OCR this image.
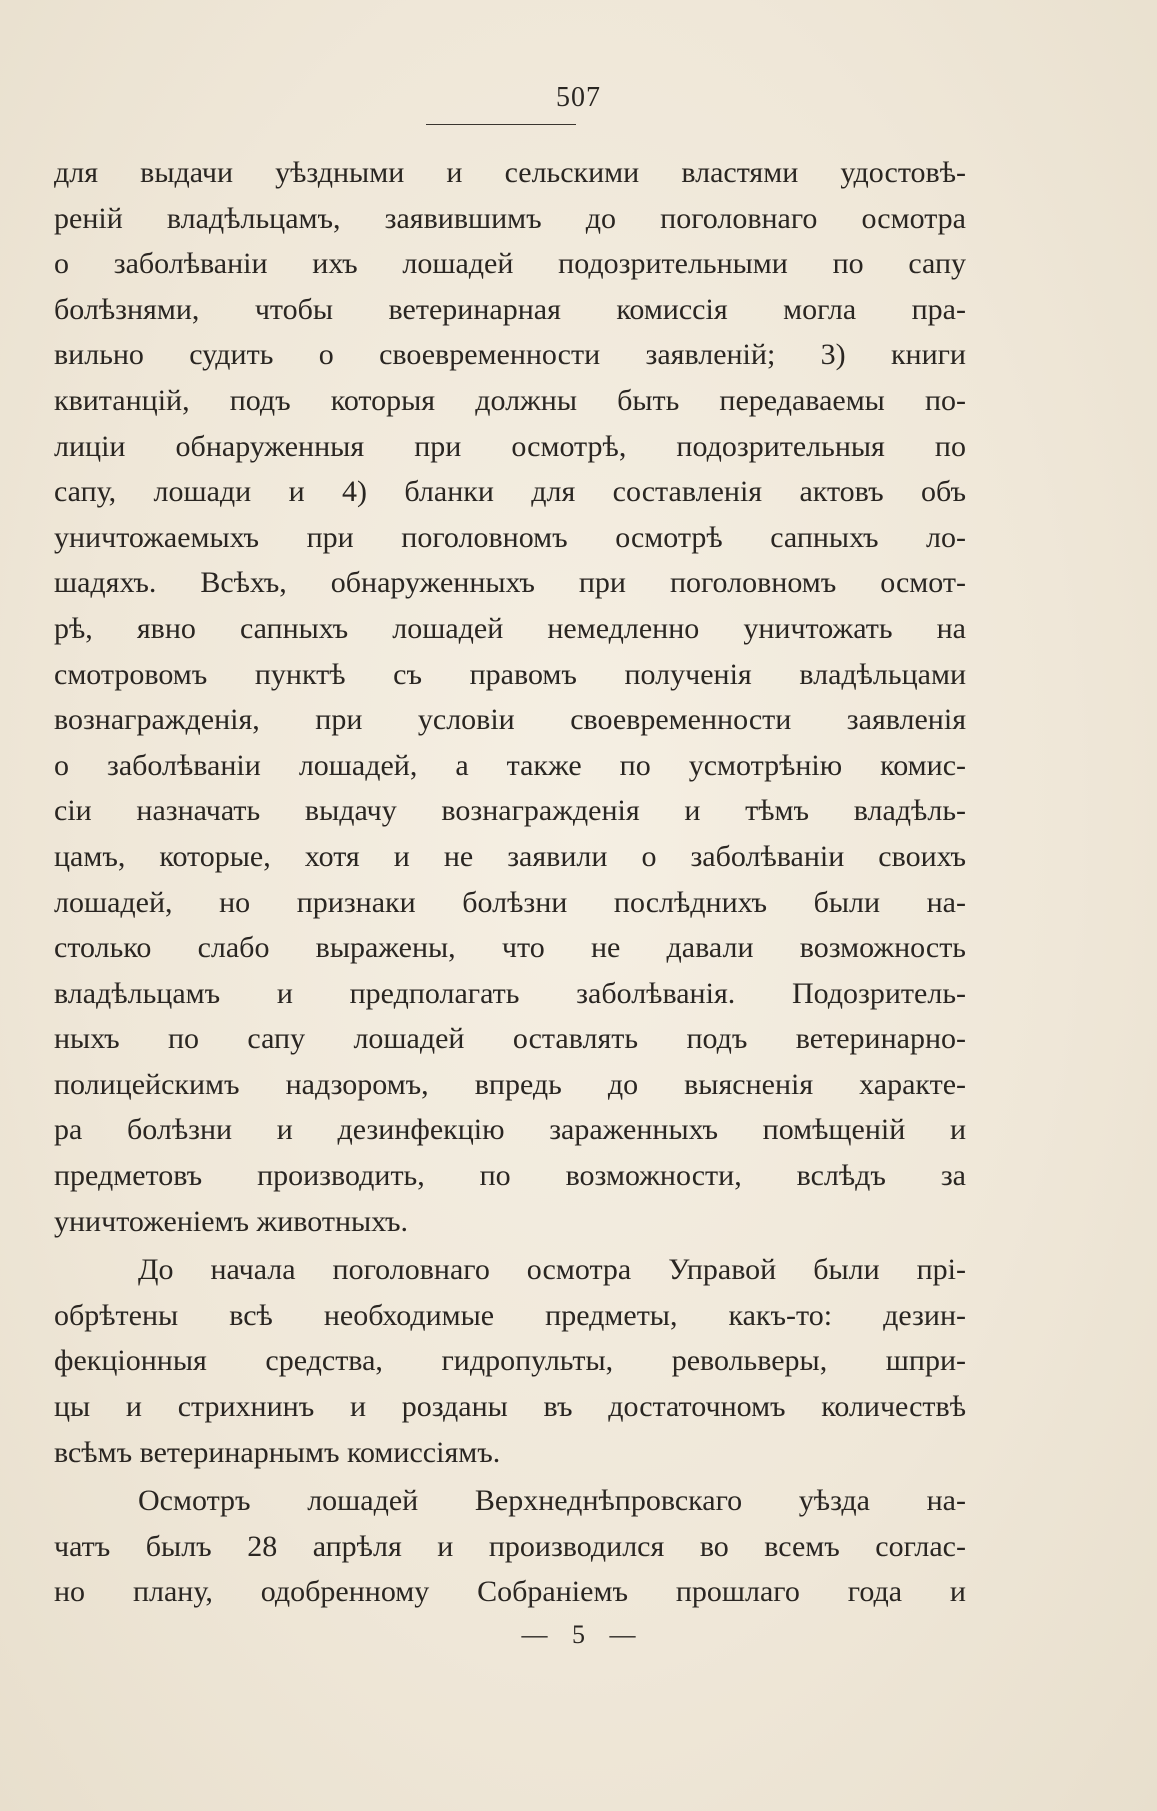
507
для выдачи уѣздными и сельскими властями удостовѣ-
реній владѣльцамъ, заявившимъ до поголовнаго осмотра
о заболѣваніи ихъ лошадей подозрительными по сапу
болѣзнями, чтобы ветеринарная комиссія могла пра-
вильно судить о своевременности заявленій; 3) книги
квитанцій, подъ которыя должны быть передаваемы по-
лиціи обнаруженныя при осмотрѣ, подозрительныя по
сапу, лошади и 4) бланки для составленія актовъ объ
уничтожаемыхъ при поголовномъ осмотрѣ сапныхъ ло-
шадяхъ. Всѣхъ, обнаруженныхъ при поголовномъ осмот-
рѣ, явно сапныхъ лошадей немедленно уничтожать на
смотровомъ пунктѣ съ правомъ полученія владѣльцами
вознагражденія, при условіи своевременности заявленія
о заболѣваніи лошадей, а также по усмотрѣнію комис-
сіи назначать выдачу вознагражденія и тѣмъ владѣль-
цамъ, которые, хотя и не заявили о заболѣваніи своихъ
лошадей, но признаки болѣзни послѣднихъ были на-
столько слабо выражены, что не давали возможность
владѣльцамъ и предполагать заболѣванія. Подозритель-
ныхъ по сапу лошадей оставлять подъ ветеринарно-
полицейскимъ надзоромъ, впредь до выясненія характе-
ра болѣзни и дезинфекцію зараженныхъ помѣщеній и
предметовъ производить, по возможности, вслѣдъ за
уничтоженіемъ животныхъ.
До начала поголовнаго осмотра Управой были прі-
обрѣтены всѣ необходимые предметы, какъ-то: дезин-
фекціонныя средства, гидропульты, револьверы, шпри-
цы и стрихнинъ и розданы въ достаточномъ количествѣ
всѣмъ ветеринарнымъ комиссіямъ.
Осмотръ лошадей Верхнеднѣпровскаго уѣзда на-
чатъ былъ 28 апрѣля и производился во всемъ соглас-
но плану, одобренному Собраніемъ прошлаго года и
— 5 —
